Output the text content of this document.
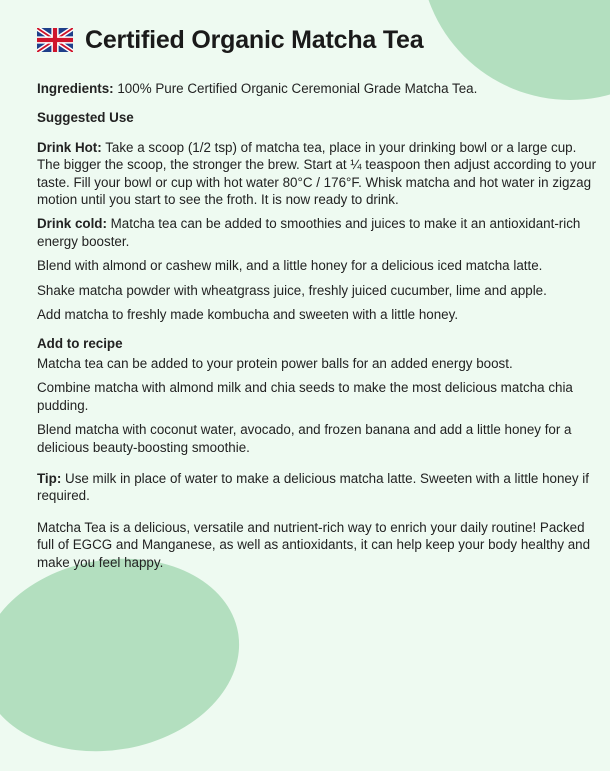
Certified Organic Matcha Tea

Ingredients: 100% Pure Certified Organic Ceremonial Grade Matcha Tea.

Suggested Use

Drink Hot: Take a scoop (1/2 tsp) of matcha tea, place in your drinking bowl or a large cup. The bigger the scoop, the stronger the brew. Start at ¼ teaspoon then adjust according to your taste. Fill your bowl or cup with hot water 80°C / 176°F. Whisk matcha and hot water in zigzag motion until you start to see the froth. It is now ready to drink.

Drink cold: Matcha tea can be added to smoothies and juices to make it an antioxidant-rich energy booster.

Blend with almond or cashew milk, and a little honey for a delicious iced matcha latte.

Shake matcha powder with wheatgrass juice, freshly juiced cucumber, lime and apple.

Add matcha to freshly made kombucha and sweeten with a little honey.

Add to recipe

Matcha tea can be added to your protein power balls for an added energy boost.

Combine matcha with almond milk and chia seeds to make the most delicious matcha chia pudding.

Blend matcha with coconut water, avocado, and frozen banana and add a little honey for a delicious beauty-boosting smoothie.

Tip: Use milk in place of water to make a delicious matcha latte. Sweeten with a little honey if required.

Matcha Tea is a delicious, versatile and nutrient-rich way to enrich your daily routine! Packed full of EGCG and Manganese, as well as antioxidants, it can help keep your body healthy and make you feel happy.
